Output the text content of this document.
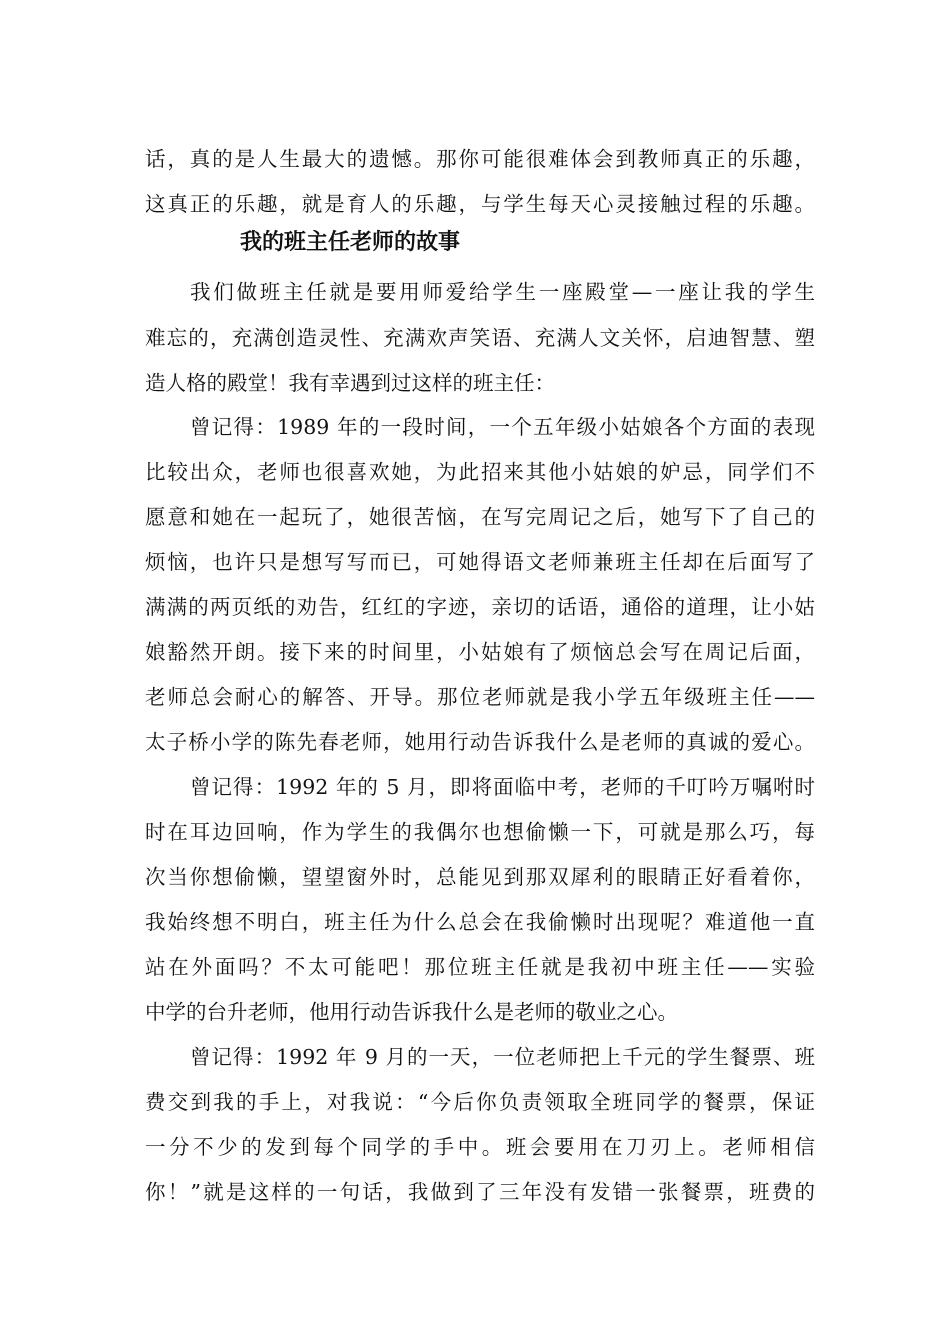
话，真的是人生最大的遗憾。那你可能很难体会到教师真正的乐趣，
这真正的乐趣，就是育人的乐趣，与学生每天心灵接触过程的乐趣。
我的班主任老师的故事
我们做班主任就是要用师爱给学生一座殿堂—一座让我的学生
难忘的，充满创造灵性、充满欢声笑语、充满人文关怀，启迪智慧、塑
造人格的殿堂！我有幸遇到过这样的班主任：
曾记得：1989 年的一段时间，一个五年级小姑娘各个方面的表现
比较出众，老师也很喜欢她，为此招来其他小姑娘的妒忌，同学们不
愿意和她在一起玩了，她很苦恼，在写完周记之后，她写下了自己的
烦恼，也许只是想写写而已，可她得语文老师兼班主任却在后面写了
满满的两页纸的劝告，红红的字迹，亲切的话语，通俗的道理，让小姑
娘豁然开朗。接下来的时间里，小姑娘有了烦恼总会写在周记后面，
老师总会耐心的解答、开导。那位老师就是我小学五年级班主任——
太子桥小学的陈先春老师，她用行动告诉我什么是老师的真诚的爱心。
曾记得：1992 年的 5 月，即将面临中考，老师的千叮吟万嘱咐时
时在耳边回响，作为学生的我偶尔也想偷懒一下，可就是那么巧，每
次当你想偷懒，望望窗外时，总能见到那双犀利的眼睛正好看着你，
我始终想不明白，班主任为什么总会在我偷懒时出现呢？难道他一直
站在外面吗？不太可能吧！那位班主任就是我初中班主任——实验
中学的台升老师，他用行动告诉我什么是老师的敬业之心。
曾记得：1992 年 9 月的一天，一位老师把上千元的学生餐票、班
费交到我的手上，对我说：“今后你负责领取全班同学的餐票，保证
一分不少的发到每个同学的手中。班会要用在刀刃上。老师相信
你！”就是这样的一句话，我做到了三年没有发错一张餐票，班费的
